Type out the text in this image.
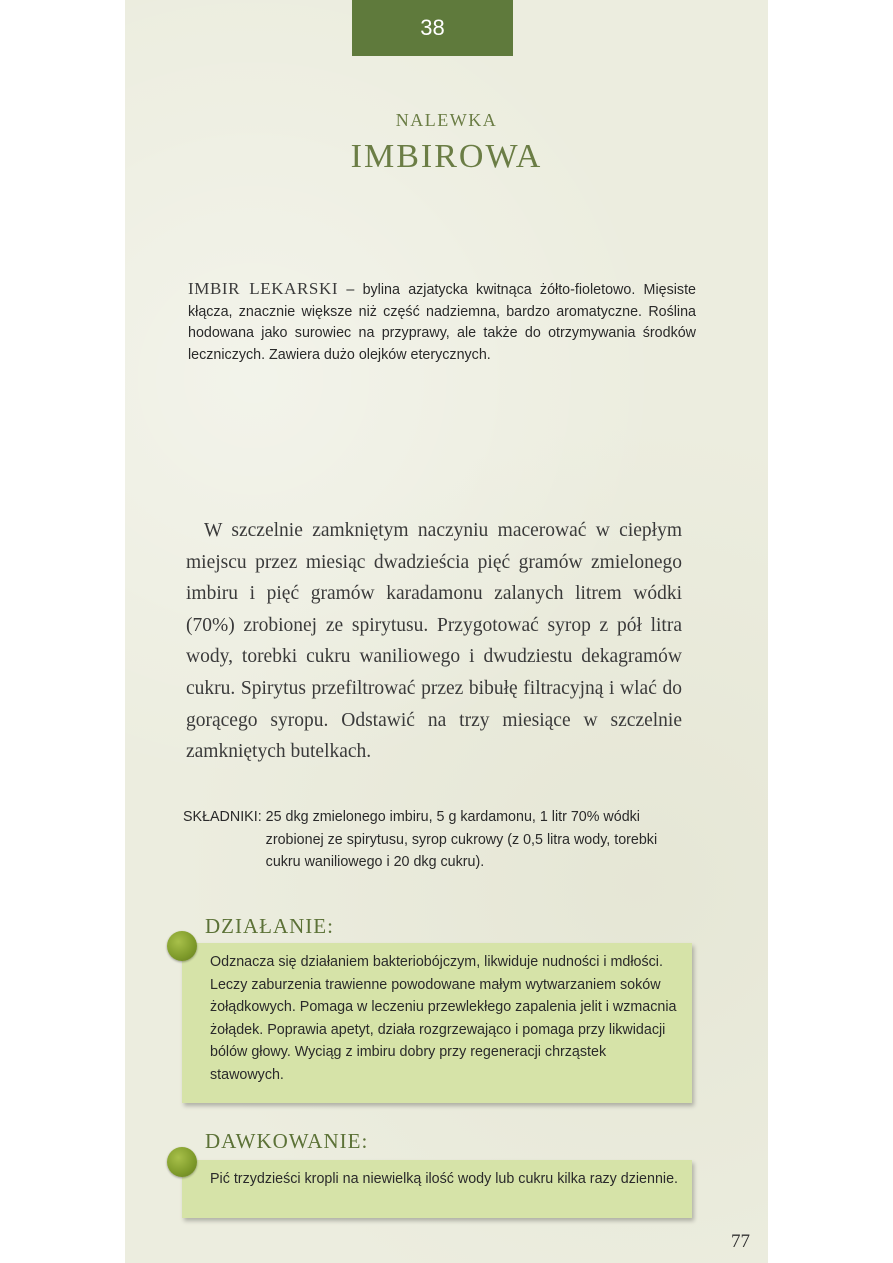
38
NALEWKA
IMBIROWA
IMBIR LEKARSKI – bylina azjatycka kwitnąca żółto-fioletowo. Mięsiste kłącza, znacznie większe niż część nadziemna, bardzo aromatyczne. Roślina hodowana jako surowiec na przyprawy, ale także do otrzymywania środków leczniczych. Zawiera dużo olejków eterycznych.
W szczelnie zamkniętym naczyniu macerować w ciepłym miejscu przez miesiąc dwadzieścia pięć gramów zmielonego imbiru i pięć gramów karadamonu zalanych litrem wódki (70%) zrobionej ze spirytusu. Przygotować syrop z pół litra wody, torebki cukru waniliowego i dwudziestu dekagramów cukru. Spirytus przefiltrować przez bibułę filtracyjną i wlać do gorącego syropu. Odstawić na trzy miesiące w szczelnie zamkniętych butelkach.
SKŁADNIKI: 25 dkg zmielonego imbiru, 5 g kardamonu, 1 litr 70% wódki zrobionej ze spirytusu, syrop cukrowy (z 0,5 litra wody, torebki cukru waniliowego i 20 dkg cukru).
Odznacza się działaniem bakteriobójczym, likwiduje nudności i mdłości. Leczy zaburzenia trawienne powodowane małym wytwarzaniem soków żołądkowych. Pomaga w leczeniu przewlekłego zapalenia jelit i wzmacnia żołądek. Poprawia apetyt, działa rozgrzewająco i pomaga przy likwidacji bólów głowy. Wyciąg z imbiru dobry przy regeneracji chrząstek stawowych.
DZIAŁANIE:
Pić trzydzieści kropli na niewielką ilość wody lub cukru kilka razy dziennie.
DAWKOWANIE:
77
